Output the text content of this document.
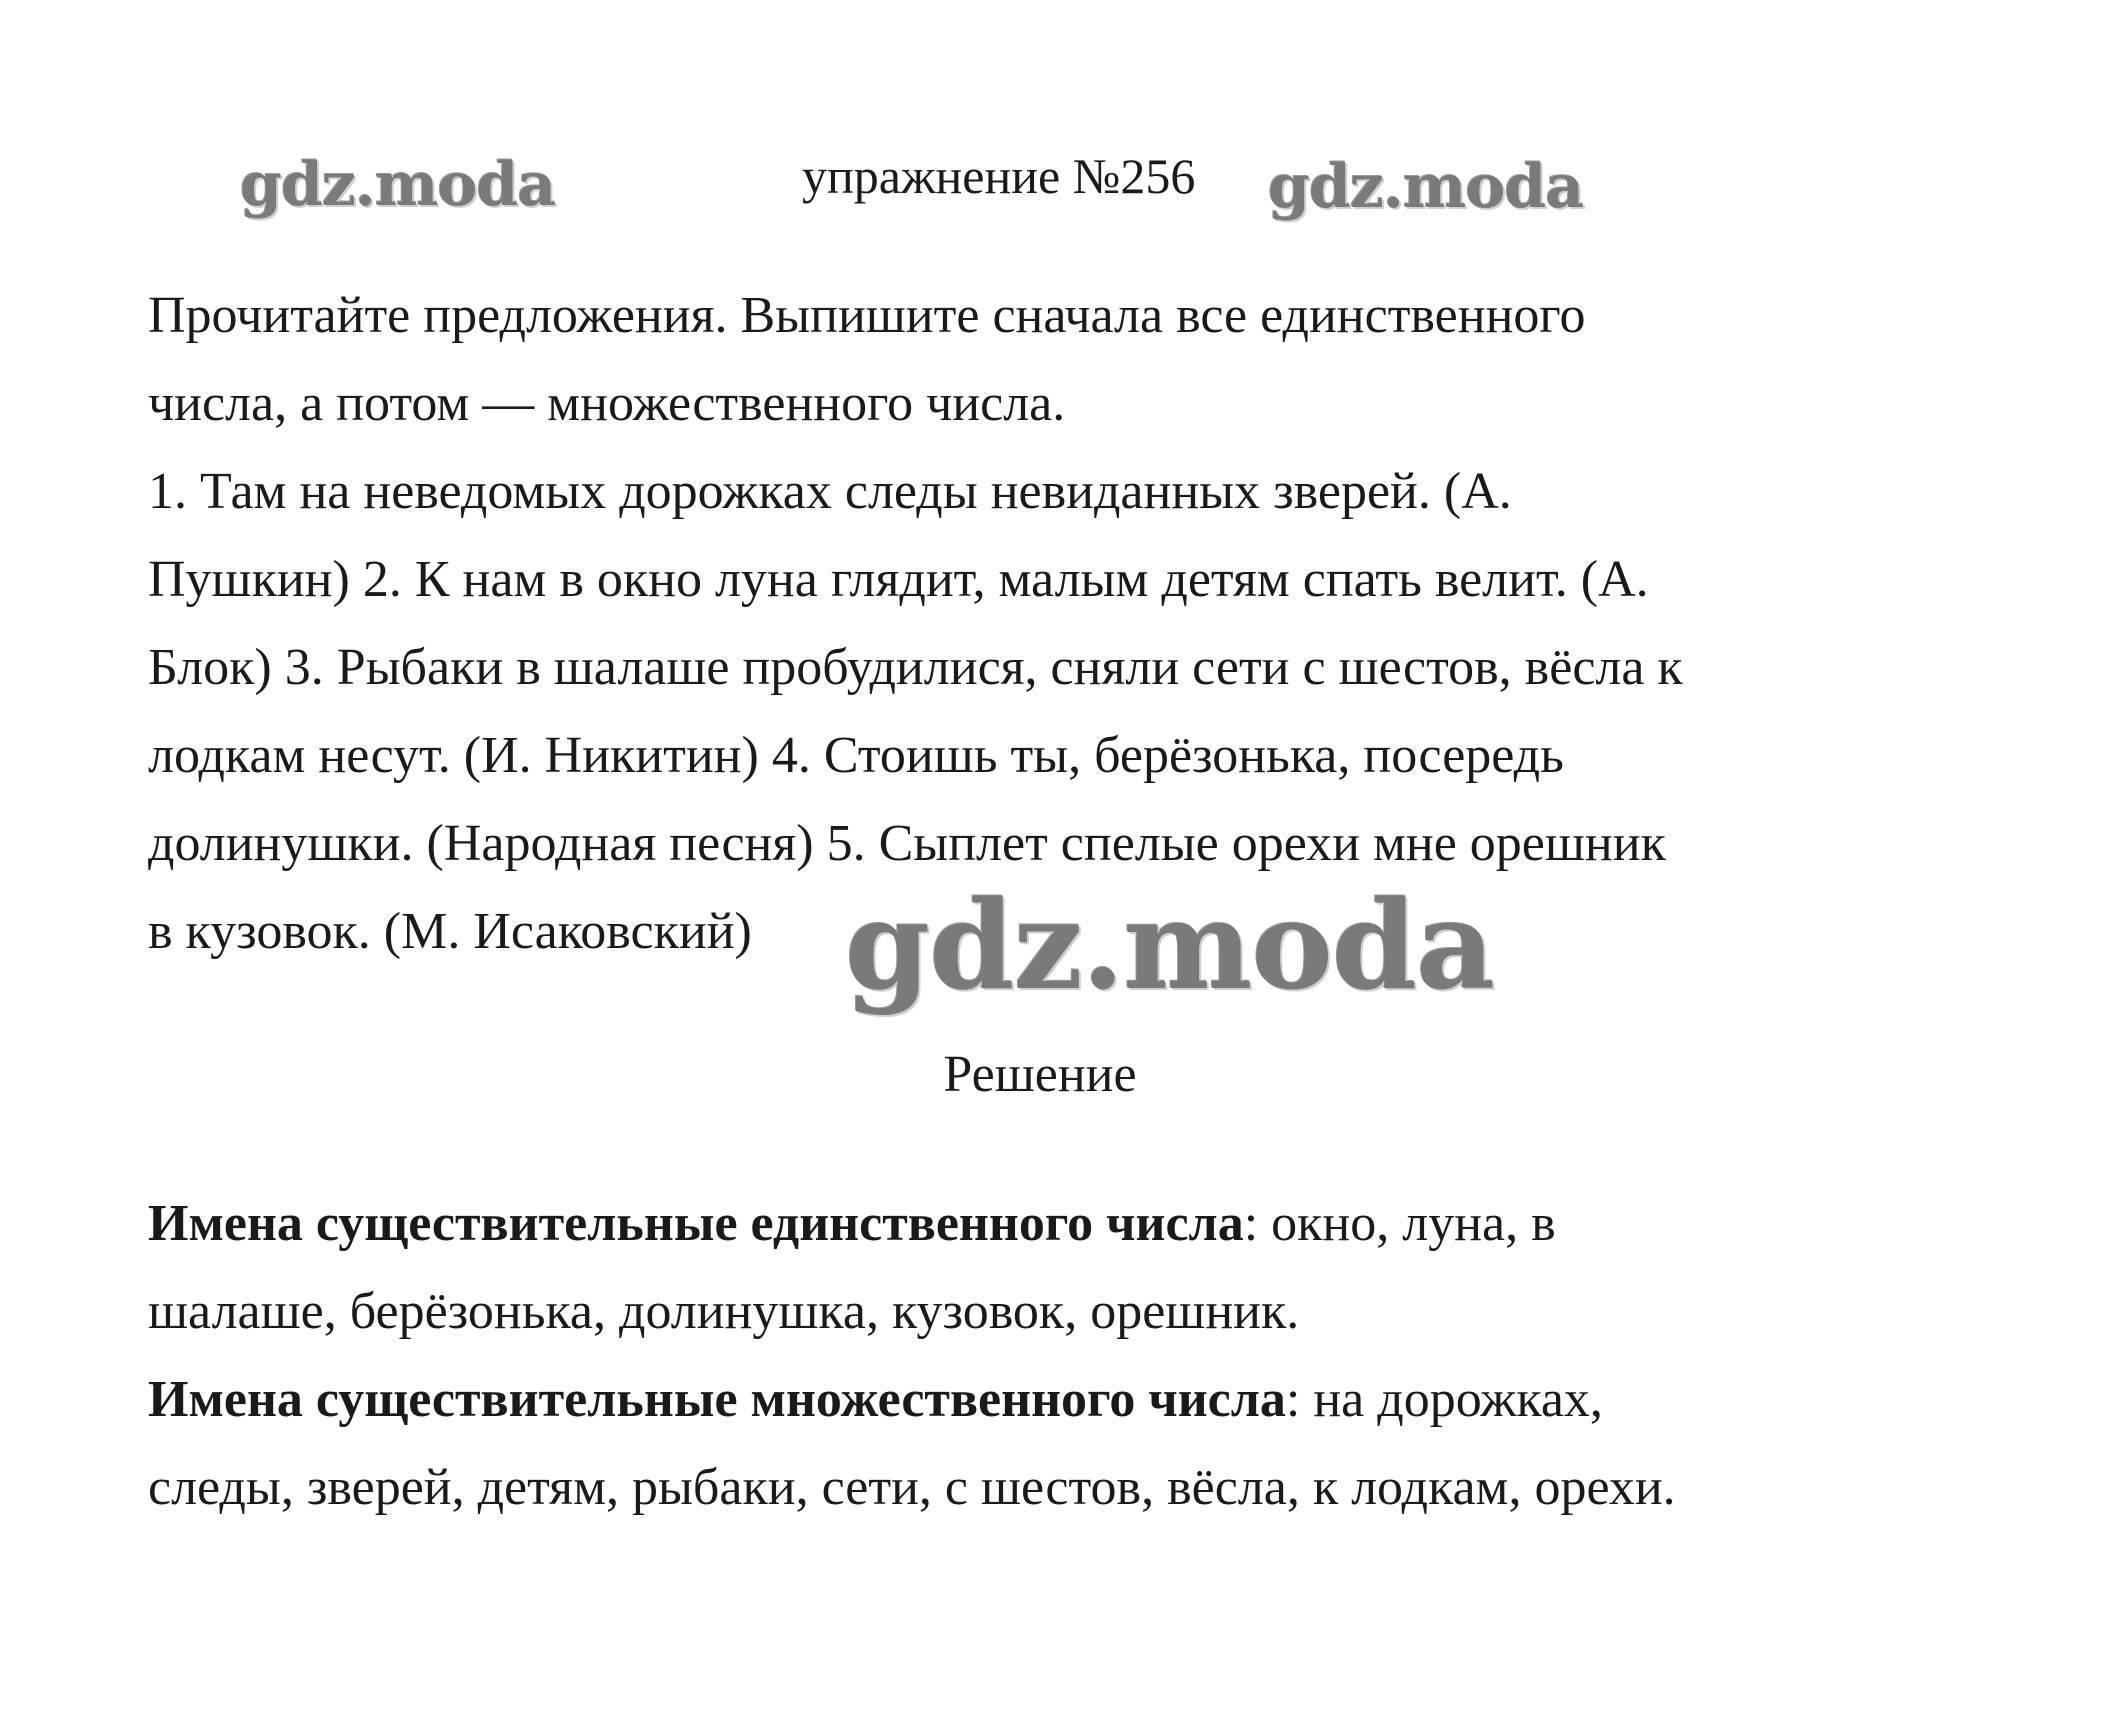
gdz.moda	упражнение №256 gdz.moda

Прочитайте предложения. Выпишите сначала все единственного

числа, а потом — множественного числа.

1. Там на неведомых дорожках следы невиданных зверей. (А.

Пушкин) 2. К нам в окно луна глядит, малым детям спать велит. (А.

Блок) 3. Рыбаки в шалаше пробудилися, сняли сети с шестов, вёсла к

лодкам несут. (И. Никитин) 4. Стоишь ты, берёзонька, посередь

долинушки. (Народная песня) 5. Сыплет спелые орехи мне орешник

в кузовок. (М. Исаковский) gdz.moda
Решение

Имена существительные единственного числа: окно, луна, в

шалаше, берёзонька, долинушка, кузовок, орешник.

Имена существительные множественного числа: на дорожках,

следы, зверей, детям, рыбаки, сети, с шестов, вёсла, к лодкам, орехи.
